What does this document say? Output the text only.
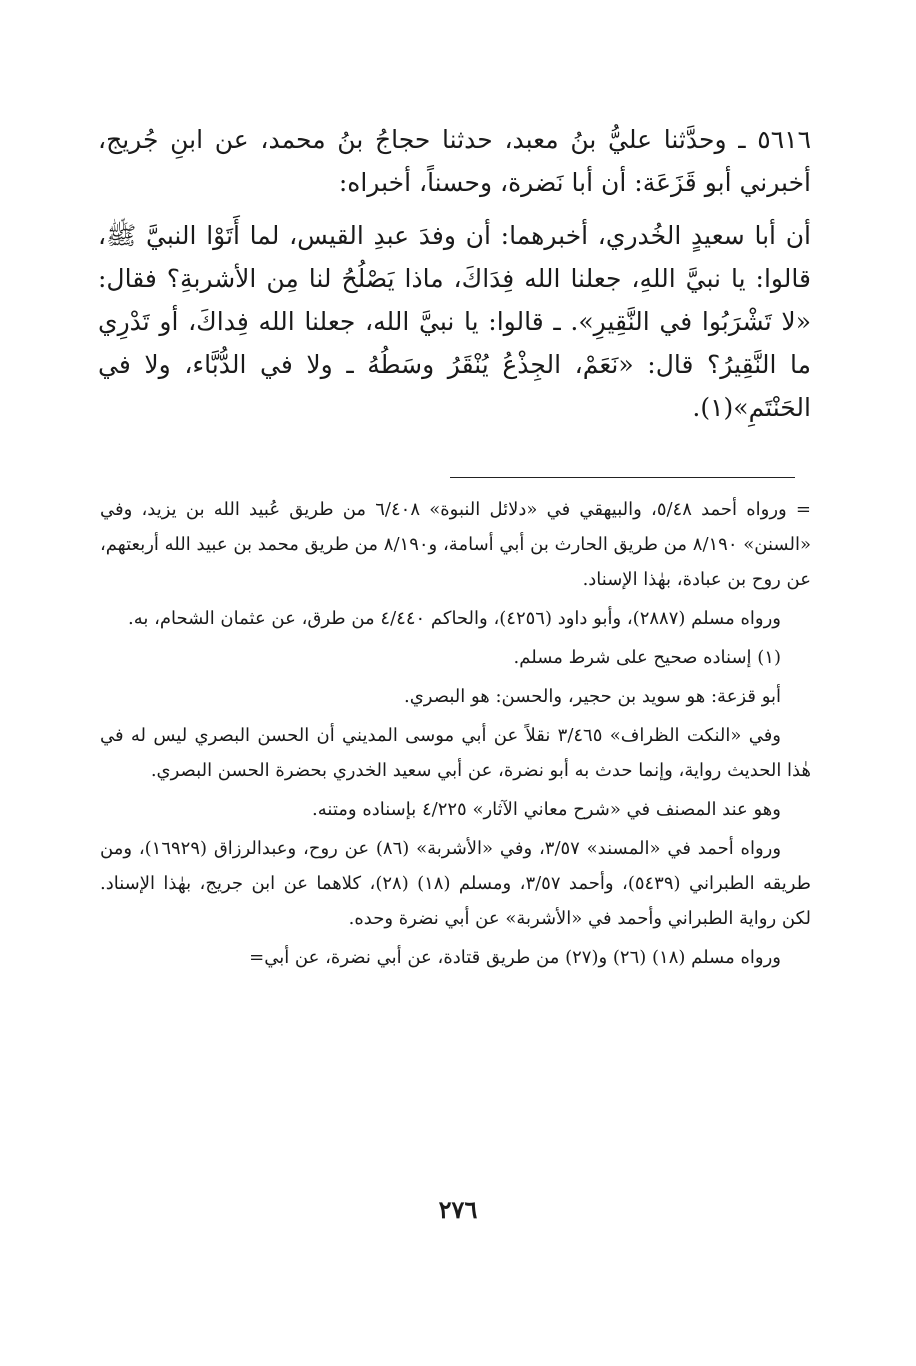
٥٦١٦ ـ وحدَّثنا عليُّ بنُ معبد، حدثنا حجاجُ بنُ محمد، عن ابنِ جُريج، أخبرني أبو قَزَعَة: أن أبا نَضرة، وحسناً، أخبراه:

أن أبا سعيدٍ الخُدري، أخبرهما: أن وفدَ عبدِ القيس، لما أَتَوْا النبيَّ ﷺ، قالوا: يا نبيَّ اللهِ، جعلنا الله فِدَاكَ، ماذا يَصْلُحُ لنا مِن الأشربةِ؟ فقال: «لا تَشْرَبُوا في النَّقِيرِ». ـ قالوا: يا نبيَّ الله، جعلنا الله فِداكَ، أو تَدْرِي ما النَّقِيرُ؟ قال: «نَعَمْ، الجِذْعُ يُنْقَرُ وسَطُهُ ـ ولا في الدُّبَّاء، ولا في الحَنْتَمِ»(١).

= ورواه أحمد ٥/٤٨، والبيهقي في «دلائل النبوة» ٦/٤٠٨ من طريق عُبيد الله بن يزيد، وفي «السنن» ٨/١٩٠ من طريق الحارث بن أبي أسامة، و٨/١٩٠ من طريق محمد بن عبيد الله أربعتهم، عن روح بن عبادة، بهٰذا الإسناد.

ورواه مسلم (٢٨٨٧)، وأبو داود (٤٢٥٦)، والحاكم ٤/٤٤٠ من طرق، عن عثمان الشحام، به.

(١) إسناده صحيح على شرط مسلم.

أبو قزعة: هو سويد بن حجير، والحسن: هو البصري.

وفي «النكت الظراف» ٣/٤٦٥ نقلاً عن أبي موسى المديني أن الحسن البصري ليس له في هٰذا الحديث رواية، وإنما حدث به أبو نضرة، عن أبي سعيد الخدري بحضرة الحسن البصري.

وهو عند المصنف في «شرح معاني الآثار» ٤/٢٢٥ بإسناده ومتنه.

ورواه أحمد في «المسند» ٣/٥٧، وفي «الأشربة» (٨٦) عن روح، وعبدالرزاق (١٦٩٢٩)، ومن طريقه الطبراني (٥٤٣٩)، وأحمد ٣/٥٧، ومسلم (١٨) (٢٨)، كلاهما عن ابن جريج، بهٰذا الإسناد. لكن رواية الطبراني وأحمد في «الأشربة» عن أبي نضرة وحده.

ورواه مسلم (١٨) (٢٦) و(٢٧) من طريق قتادة، عن أبي نضرة، عن أبي=

٢٧٦
